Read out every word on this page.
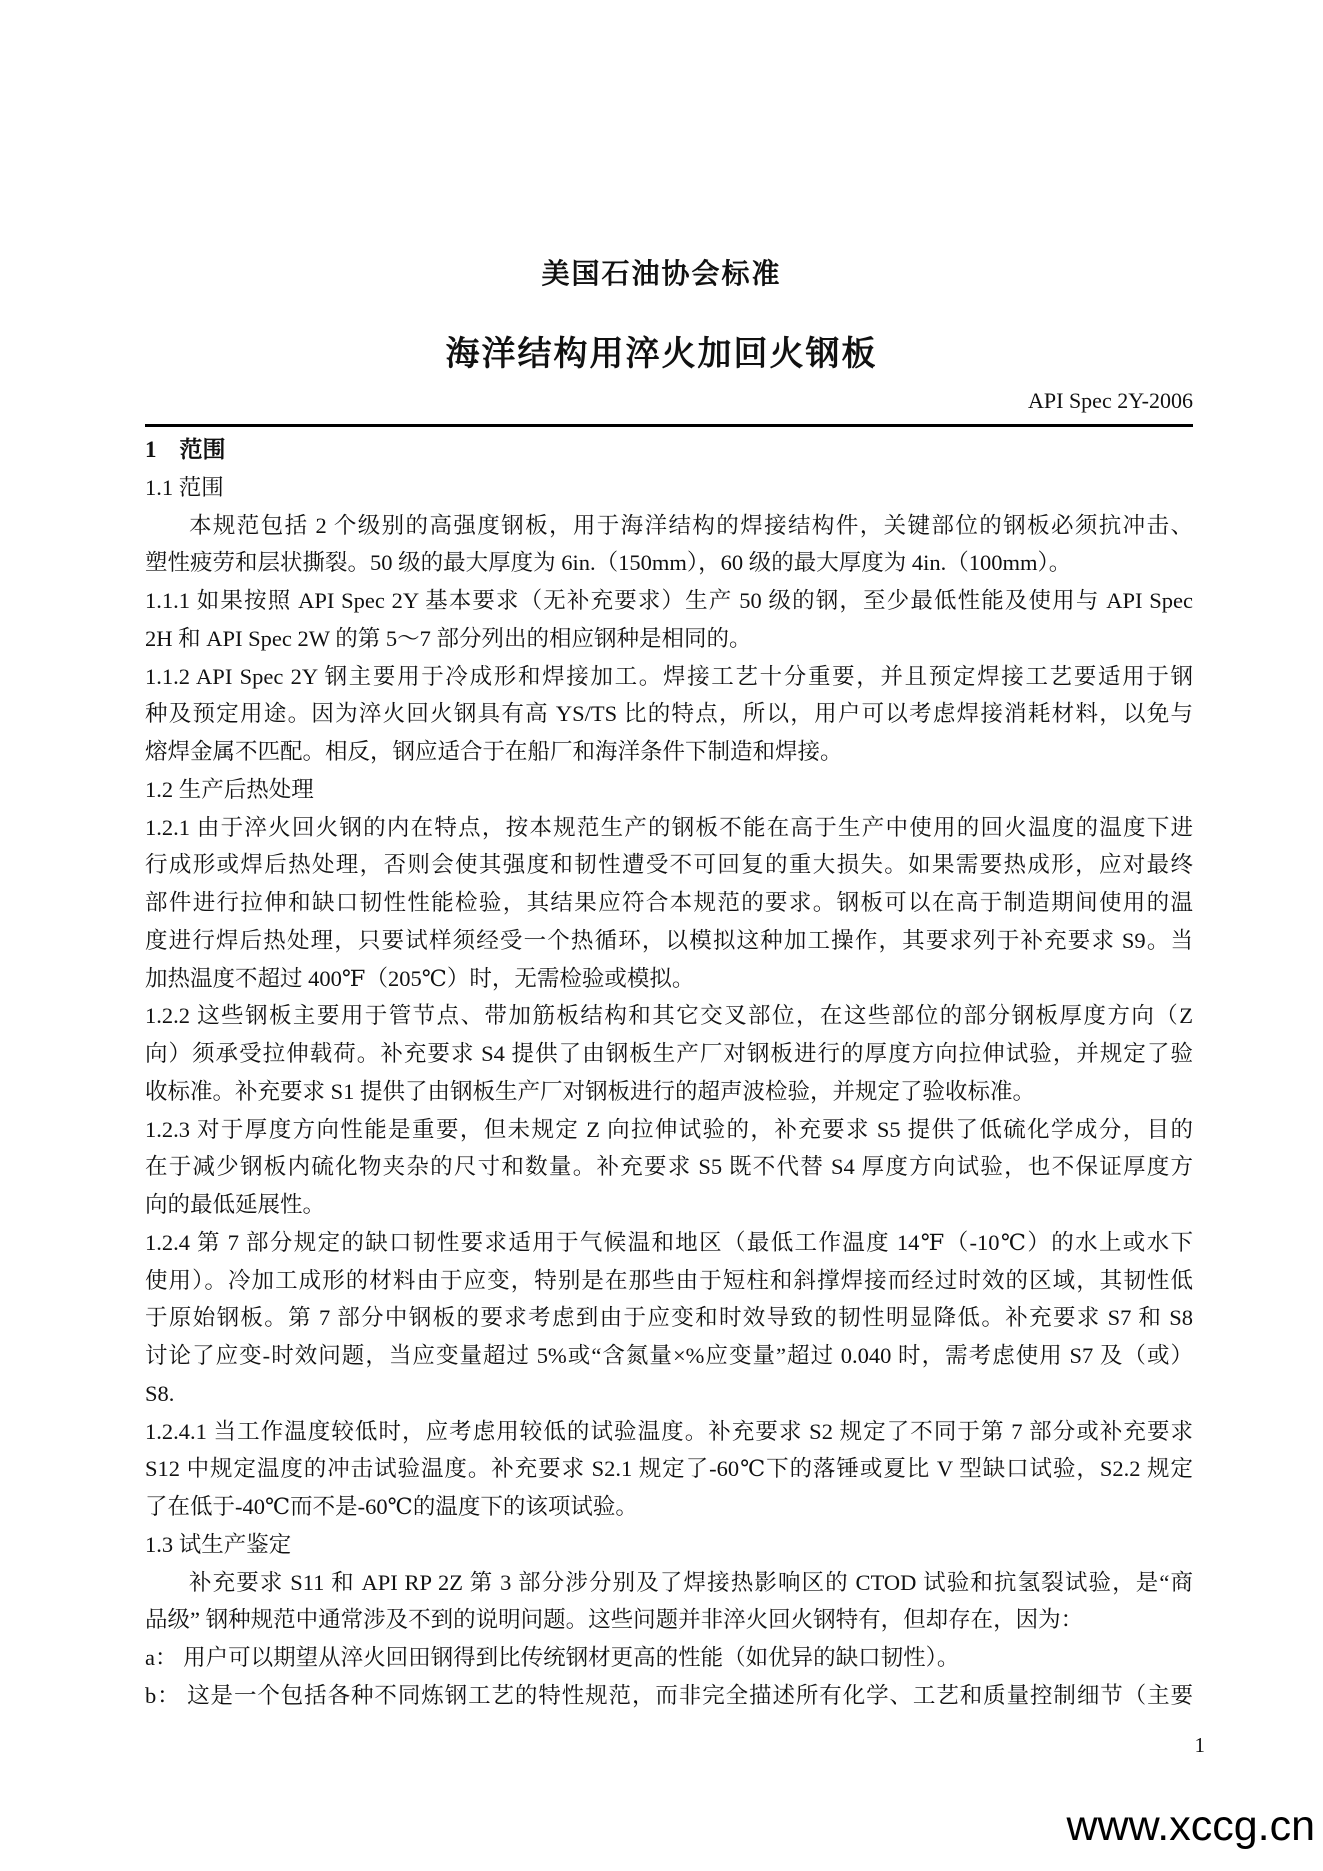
美国石油协会标准
海洋结构用淬火加回火钢板
API Spec 2Y-2006
1　范围
1.1 范围
本规范包括 2 个级别的高强度钢板，用于海洋结构的焊接结构件，关键部位的钢板必须抗冲击、
塑性疲劳和层状撕裂。50 级的最大厚度为 6in.（150mm），60 级的最大厚度为 4in.（100mm）。
1.1.1 如果按照 API Spec 2Y 基本要求（无补充要求）生产 50 级的钢，至少最低性能及使用与 API Spec
2H 和 API Spec 2W 的第 5～7 部分列出的相应钢种是相同的。
1.1.2 API Spec 2Y 钢主要用于冷成形和焊接加工。焊接工艺十分重要，并且预定焊接工艺要适用于钢
种及预定用途。因为淬火回火钢具有高 YS/TS 比的特点，所以，用户可以考虑焊接消耗材料，以免与
熔焊金属不匹配。相反，钢应适合于在船厂和海洋条件下制造和焊接。
1.2 生产后热处理
1.2.1 由于淬火回火钢的内在特点，按本规范生产的钢板不能在高于生产中使用的回火温度的温度下进
行成形或焊后热处理，否则会使其强度和韧性遭受不可回复的重大损失。如果需要热成形，应对最终
部件进行拉伸和缺口韧性性能检验，其结果应符合本规范的要求。钢板可以在高于制造期间使用的温
度进行焊后热处理，只要试样须经受一个热循环，以模拟这种加工操作，其要求列于补充要求 S9。当
加热温度不超过 400℉（205℃）时，无需检验或模拟。
1.2.2 这些钢板主要用于管节点、带加筋板结构和其它交叉部位，在这些部位的部分钢板厚度方向（Z
向）须承受拉伸载荷。补充要求 S4 提供了由钢板生产厂对钢板进行的厚度方向拉伸试验，并规定了验
收标准。补充要求 S1 提供了由钢板生产厂对钢板进行的超声波检验，并规定了验收标准。
1.2.3 对于厚度方向性能是重要，但未规定 Z 向拉伸试验的，补充要求 S5 提供了低硫化学成分，目的
在于减少钢板内硫化物夹杂的尺寸和数量。补充要求 S5 既不代替 S4 厚度方向试验，也不保证厚度方
向的最低延展性。
1.2.4 第 7 部分规定的缺口韧性要求适用于气候温和地区（最低工作温度 14℉（-10℃）的水上或水下
使用）。冷加工成形的材料由于应变，特别是在那些由于短柱和斜撑焊接而经过时效的区域，其韧性低
于原始钢板。第 7 部分中钢板的要求考虑到由于应变和时效导致的韧性明显降低。补充要求 S7 和 S8
讨论了应变-时效问题，当应变量超过 5%或“含氮量×%应变量”超过 0.040 时，需考虑使用 S7 及（或）
S8.
1.2.4.1 当工作温度较低时，应考虑用较低的试验温度。补充要求 S2 规定了不同于第 7 部分或补充要求
S12 中规定温度的冲击试验温度。补充要求 S2.1 规定了-60℃下的落锤或夏比 V 型缺口试验，S2.2 规定
了在低于-40℃而不是-60℃的温度下的该项试验。
1.3 试生产鉴定
补充要求 S11 和 API RP 2Z 第 3 部分涉分别及了焊接热影响区的 CTOD 试验和抗氢裂试验，是“商
品级” 钢种规范中通常涉及不到的说明问题。这些问题并非淬火回火钢特有，但却存在，因为：
a： 用户可以期望从淬火回田钢得到比传统钢材更高的性能（如优异的缺口韧性）。
b： 这是一个包括各种不同炼钢工艺的特性规范，而非完全描述所有化学、工艺和质量控制细节（主要
1
www.xccg.cn
